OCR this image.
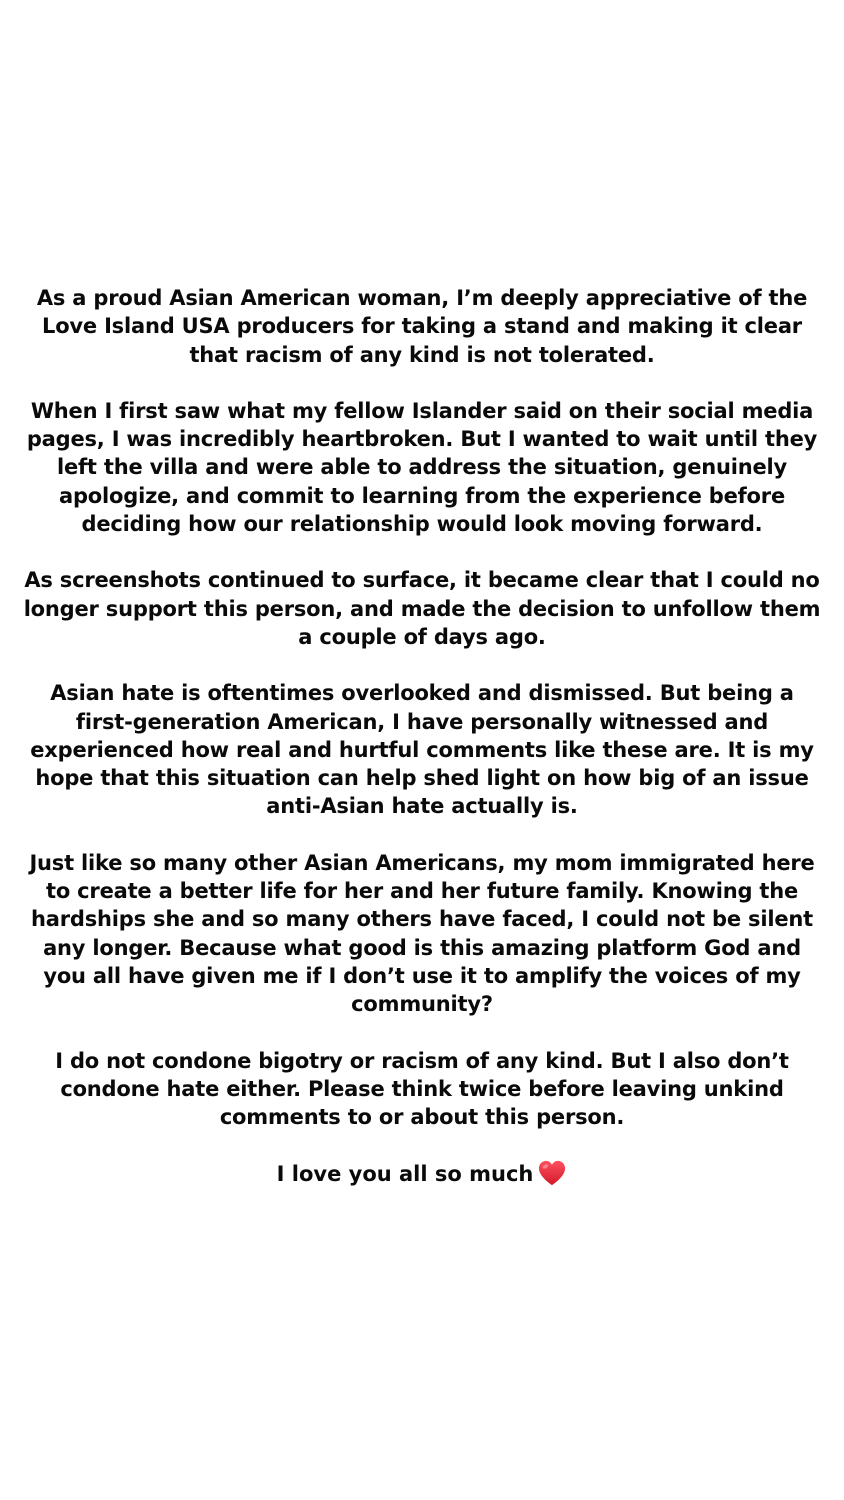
As a proud Asian American woman, I’m deeply appreciative of the Love Island USA producers for taking a stand and making it clear that racism of any kind is not tolerated.

When I first saw what my fellow Islander said on their social media pages, I was incredibly heartbroken. But I wanted to wait until they left the villa and were able to address the situation, genuinely apologize, and commit to learning from the experience before deciding how our relationship would look moving forward.

As screenshots continued to surface, it became clear that I could no longer support this person, and made the decision to unfollow them a couple of days ago.

Asian hate is oftentimes overlooked and dismissed. But being a first-generation American, I have personally witnessed and experienced how real and hurtful comments like these are. It is my hope that this situation can help shed light on how big of an issue anti-Asian hate actually is.

Just like so many other Asian Americans, my mom immigrated here to create a better life for her and her future family. Knowing the hardships she and so many others have faced, I could not be silent any longer. Because what good is this amazing platform God and you all have given me if I don’t use it to amplify the voices of my community?

I do not condone bigotry or racism of any kind. But I also don’t condone hate either. Please think twice before leaving unkind comments to or about this person.

I love you all so much
